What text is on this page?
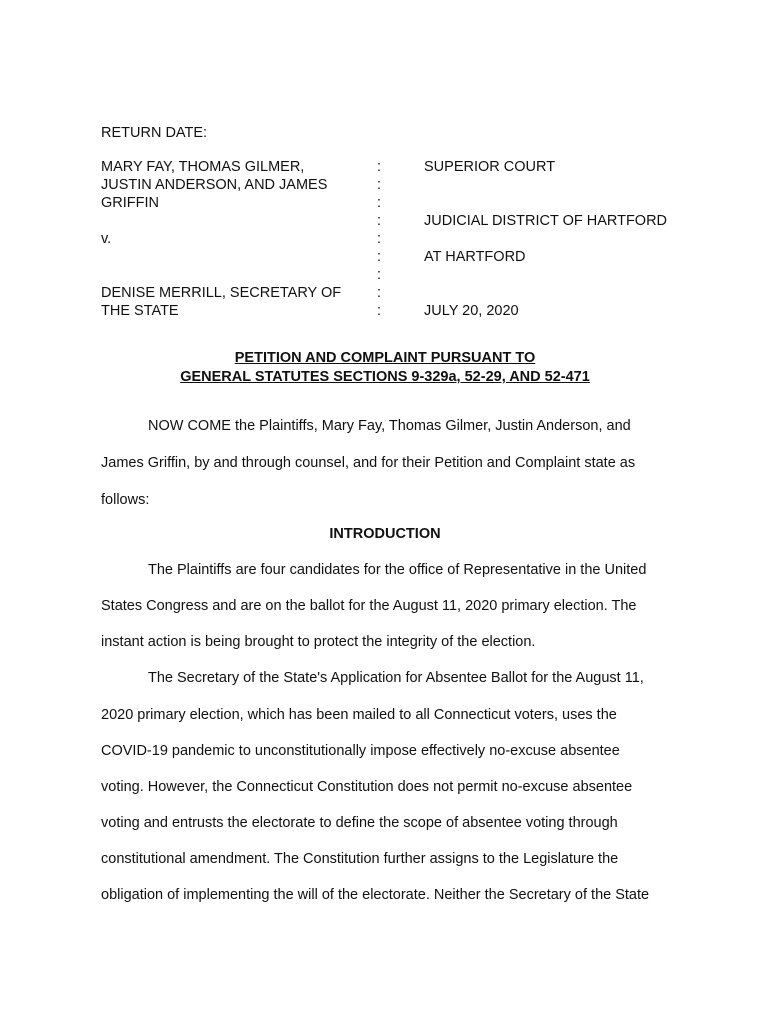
RETURN DATE:
MARY FAY, THOMAS GILMER,
JUSTIN ANDERSON, AND JAMES
GRIFFIN
v.
DENISE MERRILL, SECRETARY OF
THE STATE
:
:
:
:
:
:
:
:
:
SUPERIOR COURT
JUDICIAL DISTRICT OF HARTFORD
AT HARTFORD
JULY 20, 2020
PETITION AND COMPLAINT PURSUANT TO
GENERAL STATUTES SECTIONS 9-329a, 52-29, AND 52-471
NOW COME the Plaintiffs, Mary Fay, Thomas Gilmer, Justin Anderson, and
James Griffin, by and through counsel, and for their Petition and Complaint state as
follows:
INTRODUCTION
The Plaintiffs are four candidates for the office of Representative in the United
States Congress and are on the ballot for the August 11, 2020 primary election. The
instant action is being brought to protect the integrity of the election.
The Secretary of the State's Application for Absentee Ballot for the August 11,
2020 primary election, which has been mailed to all Connecticut voters, uses the
COVID-19 pandemic to unconstitutionally impose effectively no-excuse absentee
voting. However, the Connecticut Constitution does not permit no-excuse absentee
voting and entrusts the electorate to define the scope of absentee voting through
constitutional amendment. The Constitution further assigns to the Legislature the
obligation of implementing the will of the electorate. Neither the Secretary of the State
